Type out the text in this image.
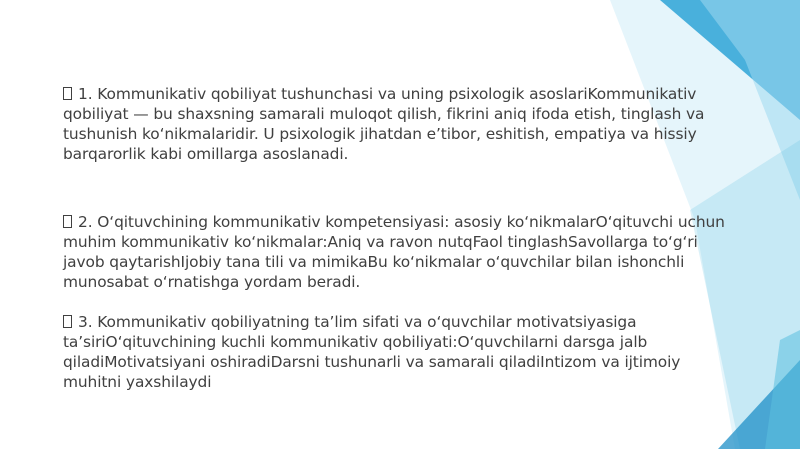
1. Kommunikativ qobiliyat tushunchasi va uning psixologik asoslariKommunikativ qobiliyat — bu shaxsning samarali muloqot qilish, fikrini aniq ifoda etish, tinglash va tushunish ko‘nikmalaridir. U psixologik jihatdan e’tibor, eshitish, empatiya va hissiy barqarorlik kabi omillarga asoslanadi.

2. O‘qituvchining kommunikativ kompetensiyasi: asosiy ko‘nikmalarO‘qituvchi uchun muhim kommunikativ ko‘nikmalar:Aniq va ravon nutqFaol tinglashSavollarga to‘g‘ri javob qaytarishIjobiy tana tili va mimikaBu ko‘nikmalar o‘quvchilar bilan ishonchli munosabat o‘rnatishga yordam beradi.

3. Kommunikativ qobiliyatning ta’lim sifati va o‘quvchilar motivatsiyasiga ta’siriO‘qituvchining kuchli kommunikativ qobiliyati:O‘quvchilarni darsga jalb qiladiMotivatsiyani oshiradiDarsni tushunarli va samarali qiladiIntizom va ijtimoiy muhitni yaxshilaydi
